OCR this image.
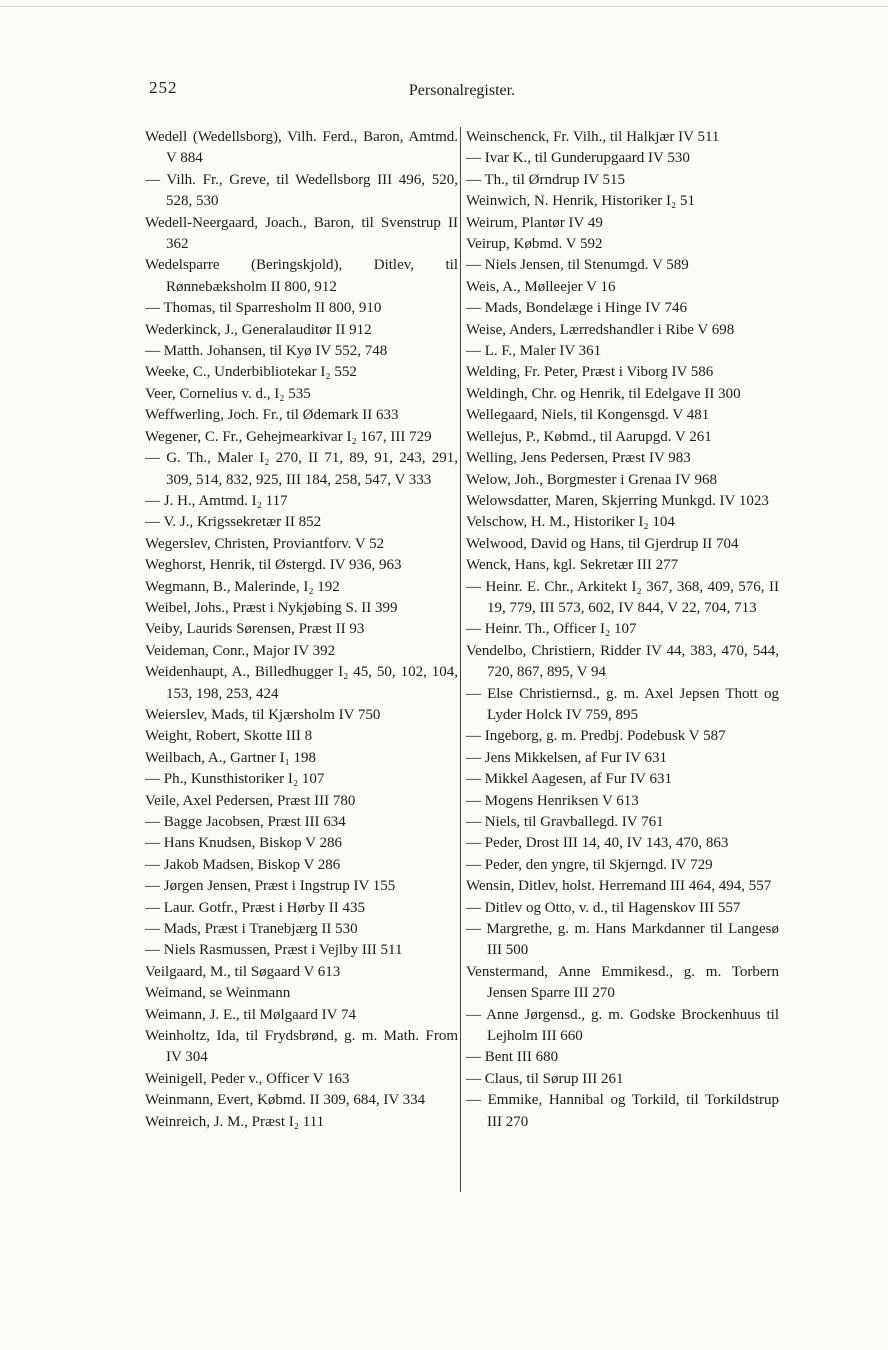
252	Personalregister.
Wedell (Wedellsborg), Vilh. Ferd., Baron, Amtmd. V 884
— Vilh. Fr., Greve, til Wedellsborg III 496, 520, 528, 530
Wedell-Neergaard, Joach., Baron, til Svenstrup II 362
Wedelsparre (Beringskjold), Ditlev, til Rønnebæksholm II 800, 912
— Thomas, til Sparresholm II 800, 910
Wederkinck, J., Generalauditør II 912
— Matth. Johansen, til Kyø IV 552, 748
Weeke, C., Underbibliotekar I₂ 552
Veer, Cornelius v. d., I₂ 535
Weffwerling, Joch. Fr., til Ødemark II 633
Wegener, C. Fr., Gehejmearkivar I₂ 167, III 729
— G. Th., Maler I₂ 270, II 71, 89, 91, 243, 291, 309, 514, 832, 925, III 184, 258, 547, V 333
— J. H., Amtmd. I₂ 117
— V. J., Krigssekretær II 852
Wegerslev, Christen, Proviantforv. V 52
Weghorst, Henrik, til Østergd. IV 936, 963
Wegmann, B., Malerinde, I₂ 192
Weibel, Johs., Præst i Nykjøbing S. II 399
Veiby, Laurids Sørensen, Præst II 93
Veideman, Conr., Major IV 392
Weidenhaupt, A., Billedhugger I₂ 45, 50, 102, 104, 153, 198, 253, 424
Weierslev, Mads, til Kjærsholm IV 750
Weight, Robert, Skotte III 8
Weilbach, A., Gartner I₁ 198
— Ph., Kunsthistoriker I₂ 107
Veile, Axel Pedersen, Præst III 780
— Bagge Jacobsen, Præst III 634
— Hans Knudsen, Biskop V 286
— Jakob Madsen, Biskop V 286
— Jørgen Jensen, Præst i Ingstrup IV 155
— Laur. Gotfr., Præst i Hørby II 435
— Mads, Præst i Tranebjærg II 530
— Niels Rasmussen, Præst i Vejlby III 511
Veilgaard, M., til Søgaard V 613
Weimand, se Weinmann
Weimann, J. E., til Mølgaard IV 74
Weinholtz, Ida, til Frydsbrønd, g. m. Math. From IV 304
Weinigell, Peder v., Officer V 163
Weinmann, Evert, Købmd. II 309, 684, IV 334
Weinreich, J. M., Præst I₂ 111
Weinschenck, Fr. Vilh., til Halkjær IV 511
— Ivar K., til Gunderupgaard IV 530
— Th., til Ørndrup IV 515
Weinwich, N. Henrik, Historiker I₂ 51
Weirum, Plantør IV 49
Veirup, Købmd. V 592
— Niels Jensen, til Stenumgd. V 589
Weis, A., Mølleejer V 16
— Mads, Bondelæge i Hinge IV 746
Weise, Anders, Lærredshandler i Ribe V 698
— L. F., Maler IV 361
Welding, Fr. Peter, Præst i Viborg IV 586
Weldingh, Chr. og Henrik, til Edelgave II 300
Wellegaard, Niels, til Kongensgd. V 481
Wellejus, P., Købmd., til Aarupgd. V 261
Welling, Jens Pedersen, Præst IV 983
Welow, Joh., Borgmester i Grenaa IV 968
Welowsdatter, Maren, Skjerring Munkgd. IV 1023
Velschow, H. M., Historiker I₂ 104
Welwood, David og Hans, til Gjerdrup II 704
Wenck, Hans, kgl. Sekretær III 277
— Heinr. E. Chr., Arkitekt I₂ 367, 368, 409, 576, II 19, 779, III 573, 602, IV 844, V 22, 704, 713
— Heinr. Th., Officer I₂ 107
Vendelbo, Christiern, Ridder IV 44, 383, 470, 544, 720, 867, 895, V 94
— Else Christiernsd., g. m. Axel Jepsen Thott og Lyder Holck IV 759, 895
— Ingeborg, g. m. Predbj. Podebusk V 587
— Jens Mikkelsen, af Fur IV 631
— Mikkel Aagesen, af Fur IV 631
— Mogens Henriksen V 613
— Niels, til Gravballegd. IV 761
— Peder, Drost III 14, 40, IV 143, 470, 863
— Peder, den yngre, til Skjerngd. IV 729
Wensin, Ditlev, holst. Herremand III 464, 494, 557
— Ditlev og Otto, v. d., til Hagenskov III 557
— Margrethe, g. m. Hans Markdanner til Langesø III 500
Venstermand, Anne Emmikesd., g. m. Torbern Jensen Sparre III 270
— Anne Jørgensd., g. m. Godske Brockenhuus til Lejholm III 660
— Bent III 680
— Claus, til Sørup III 261
— Emmike, Hannibal og Torkild, til Torkildstrup III 270
